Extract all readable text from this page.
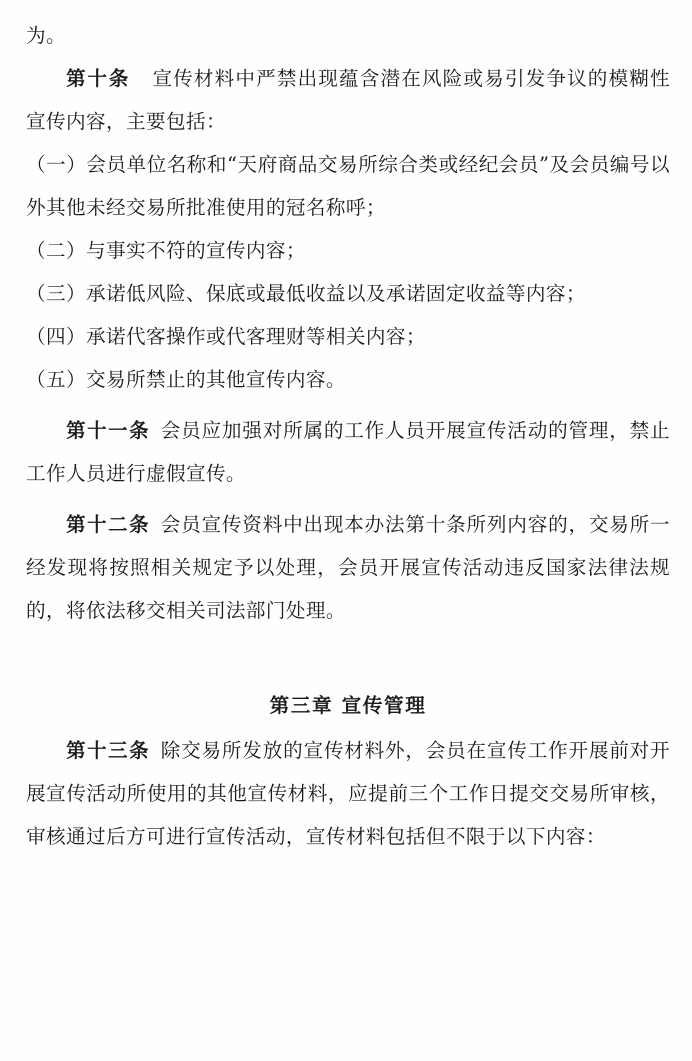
为。

第十条 宣传材料中严禁出现蕴含潜在风险或易引发争议的模糊性宣传内容，主要包括：

（一）会员单位名称和“天府商品交易所综合类或经纪会员”及会员编号以外其他未经交易所批准使用的冠名称呼；

（二）与事实不符的宣传内容；

（三）承诺低风险、保底或最低收益以及承诺固定收益等内容；

（四）承诺代客操作或代客理财等相关内容；

（五）交易所禁止的其他宣传内容。

第十一条 会员应加强对所属的工作人员开展宣传活动的管理，禁止工作人员进行虚假宣传。

第十二条 会员宣传资料中出现本办法第十条所列内容的，交易所一经发现将按照相关规定予以处理，会员开展宣传活动违反国家法律法规的，将依法移交相关司法部门处理。

第三章 宣传管理

第十三条 除交易所发放的宣传材料外，会员在宣传工作开展前对开展宣传活动所使用的其他宣传材料，应提前三个工作日提交交易所审核，审核通过后方可进行宣传活动，宣传材料包括但不限于以下内容：
